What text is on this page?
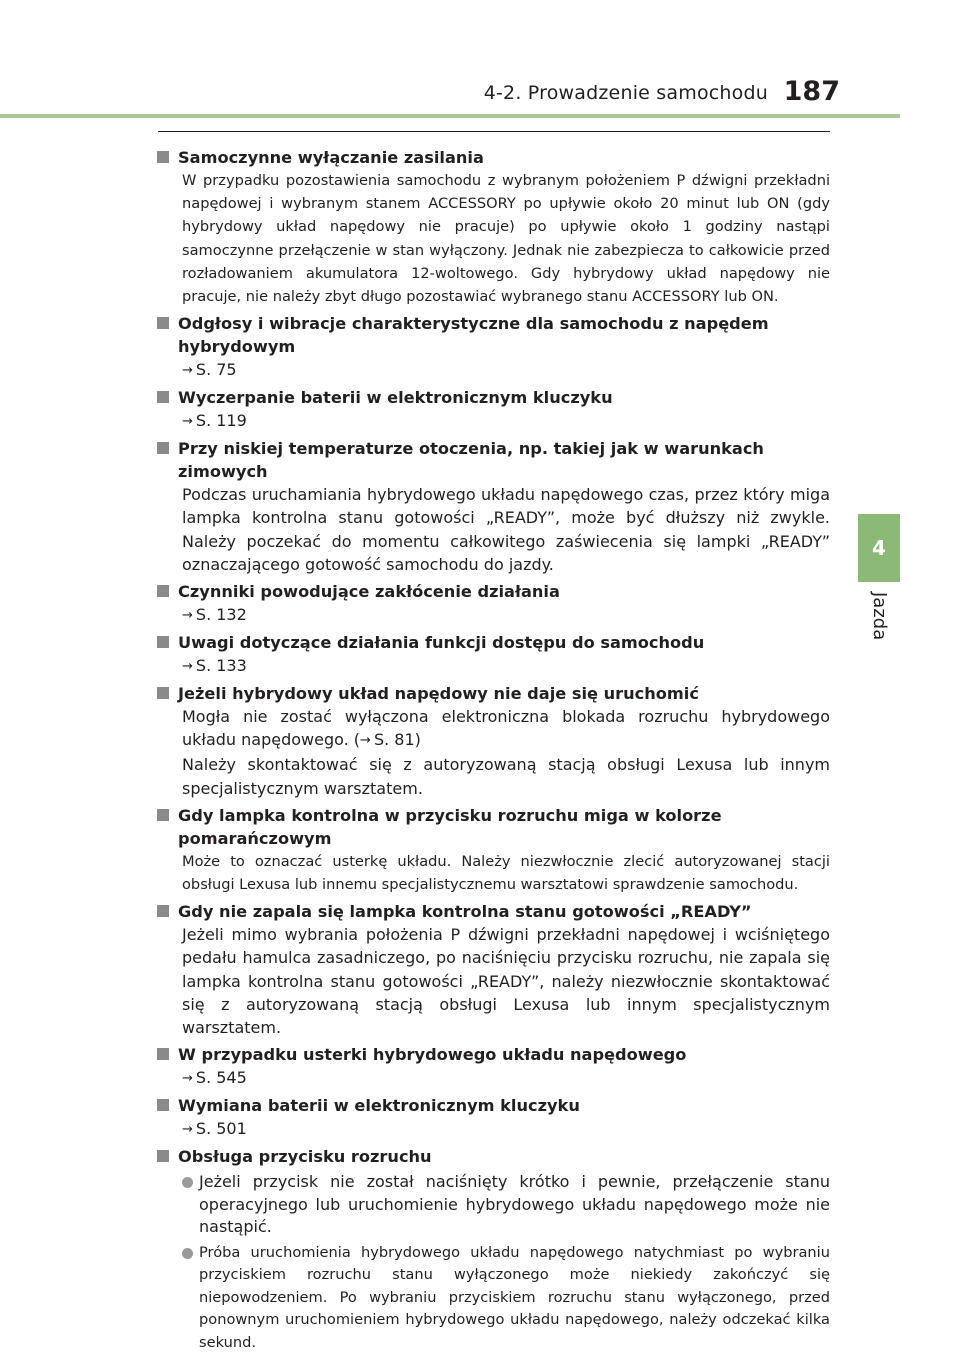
4-2. Prowadzenie samochodu 187
4
Jazda
Samoczynne wyłączanie zasilania

W przypadku pozostawienia samochodu z wybranym położeniem P dźwigni przekładni napędowej i wybranym stanem ACCESSORY po upływie około 20 minut lub ON (gdy hybrydowy układ napędowy nie pracuje) po upływie około 1 godziny nastąpi samoczynne przełączenie w stan wyłączony. Jednak nie zabezpiecza to całkowicie przed rozładowaniem akumulatora 12-woltowego. Gdy hybrydowy układ napędowy nie pracuje, nie należy zbyt długo pozostawiać wybranego stanu ACCESSORY lub ON.

Odgłosy i wibracje charakterystyczne dla samochodu z napędem hybrydowym
→ S. 75
Wyczerpanie baterii w elektronicznym kluczyku
→ S. 119
Przy niskiej temperaturze otoczenia, np. takiej jak w warunkach zimowych

Podczas uruchamiania hybrydowego układu napędowego czas, przez który miga lampka kontrolna stanu gotowości „READY”, może być dłuższy niż zwykle. Należy poczekać do momentu całkowitego zaświecenia się lampki „READY” oznaczającego gotowość samochodu do jazdy.

Czynniki powodujące zakłócenie działania
→ S. 132
Uwagi dotyczące działania funkcji dostępu do samochodu
→ S. 133
Jeżeli hybrydowy układ napędowy nie daje się uruchomić

Mogła nie zostać wyłączona elektroniczna blokada rozruchu hybrydowego układu napędowego. (→ S. 81)

Należy skontaktować się z autoryzowaną stacją obsługi Lexusa lub innym specjalistycznym warsztatem.

Gdy lampka kontrolna w przycisku rozruchu miga w kolorze pomarańczowym

Może to oznaczać usterkę układu. Należy niezwłocznie zlecić autoryzowanej stacji obsługi Lexusa lub innemu specjalistycznemu warsztatowi sprawdzenie samochodu.

Gdy nie zapala się lampka kontrolna stanu gotowości „READY”

Jeżeli mimo wybrania położenia P dźwigni przekładni napędowej i wciśniętego pedału hamulca zasadniczego, po naciśnięciu przycisku rozruchu, nie zapala się lampka kontrolna stanu gotowości „READY”, należy niezwłocznie skontaktować się z autoryzowaną stacją obsługi Lexusa lub innym specjalistycznym warsztatem.

W przypadku usterki hybrydowego układu napędowego
→ S. 545
Wymiana baterii w elektronicznym kluczyku
→ S. 501
Obsługa przycisku rozruchu
Jeżeli przycisk nie został naciśnięty krótko i pewnie, przełączenie stanu operacyjnego lub uruchomienie hybrydowego układu napędowego może nie nastąpić.
Próba uruchomienia hybrydowego układu napędowego natychmiast po wybraniu przyciskiem rozruchu stanu wyłączonego może niekiedy zakończyć się niepowodzeniem. Po wybraniu przyciskiem rozruchu stanu wyłączonego, przed ponownym uruchomieniem hybrydowego układu napędowego, należy odczekać kilka sekund.
